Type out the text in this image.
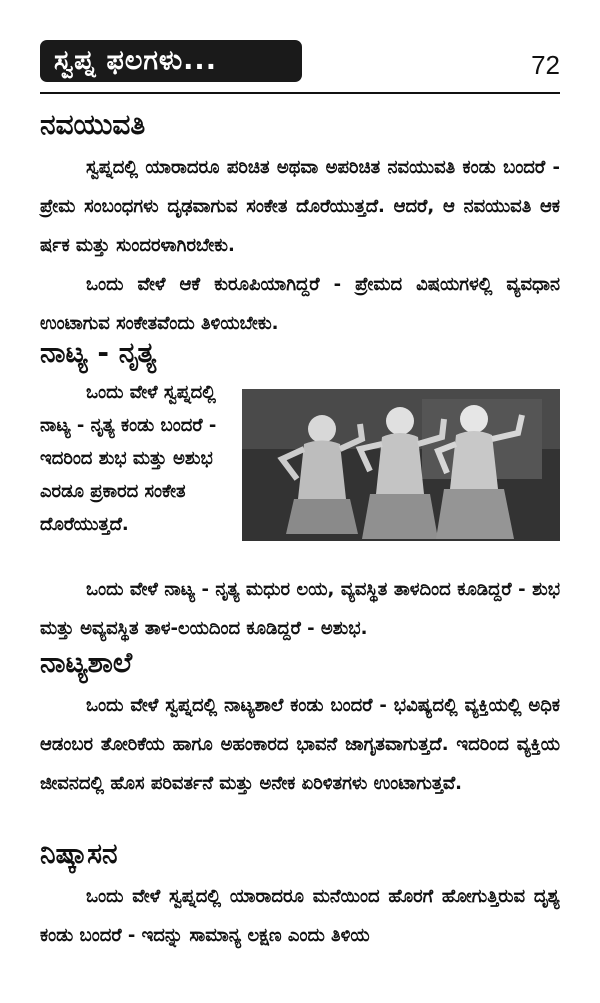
ಸ್ವಪ್ನ ಫಲಗಳು...	72
ನವಯುವತಿ
ಸ್ವಪ್ನದಲ್ಲಿ ಯಾರಾದರೂ ಪರಿಚಿತ ಅಥವಾ ಅಪರಿಚಿತ ನವಯುವತಿ ಕಂಡು ಬಂದರೆ - ಪ್ರೇಮ ಸಂಬಂಧಗಳು ದೃಢವಾಗುವ ಸಂಕೇತ ದೊರೆಯುತ್ತದೆ. ಆದರೆ, ಆ ನವಯುವತಿ ಆಕರ್ಷಕ ಮತ್ತು ಸುಂದರಳಾಗಿರಬೇಕು.
ಒಂದು ವೇಳೆ ಆಕೆ ಕುರೂಪಿಯಾಗಿದ್ದರೆ - ಪ್ರೇಮದ ವಿಷಯಗಳಲ್ಲಿ ವ್ಯವಧಾನ ಉಂಟಾಗುವ ಸಂಕೇತವೆಂದು ತಿಳಿಯಬೇಕು.
ನಾಟ್ಯ - ನೃತ್ಯ
ಒಂದು ವೇಳೆ ಸ್ವಪ್ನದಲ್ಲಿ ನಾಟ್ಯ - ನೃತ್ಯ ಕಂಡು ಬಂದರೆ - ಇದರಿಂದ ಶುಭ ಮತ್ತು ಅಶುಭ ಎರಡೂ ಪ್ರಕಾರದ ಸಂಕೇತ ದೊರೆಯುತ್ತದೆ.
ಒಂದು ವೇಳೆ ನಾಟ್ಯ - ನೃತ್ಯ ಮಧುರ ಲಯ, ವ್ಯವಸ್ಥಿತ ತಾಳದಿಂದ ಕೂಡಿದ್ದರೆ - ಶುಭ ಮತ್ತು ಅವ್ಯವಸ್ಥಿತ ತಾಳ-ಲಯದಿಂದ ಕೂಡಿದ್ದರೆ - ಅಶುಭ.
ನಾಟ್ಯಶಾಲೆ
ಒಂದು ವೇಳೆ ಸ್ವಪ್ನದಲ್ಲಿ ನಾಟ್ಯಶಾಲೆ ಕಂಡು ಬಂದರೆ - ಭವಿಷ್ಯದಲ್ಲಿ ವ್ಯಕ್ತಿಯಲ್ಲಿ ಅಧಿಕ ಆಡಂಬರ ತೋರಿಕೆಯ ಹಾಗೂ ಅಹಂಕಾರದ ಭಾವನೆ ಜಾಗೃತವಾಗುತ್ತದೆ. ಇದರಿಂದ ವ್ಯಕ್ತಿಯ ಜೀವನದಲ್ಲಿ ಹೊಸ ಪರಿವರ್ತನೆ ಮತ್ತು ಅನೇಕ ಏರಿಳಿತಗಳು ಉಂಟಾಗುತ್ತವೆ.
ನಿಷ್ಕಾಸನ
ಒಂದು ವೇಳೆ ಸ್ವಪ್ನದಲ್ಲಿ ಯಾರಾದರೂ ಮನೆಯಿಂದ ಹೊರಗೆ ಹೋಗುತ್ತಿರುವ ದೃಶ್ಯ ಕಂಡು ಬಂದರೆ - ಇದನ್ನು ಸಾಮಾನ್ಯ ಲಕ್ಷಣ ಎಂದು ತಿಳಿಯ
